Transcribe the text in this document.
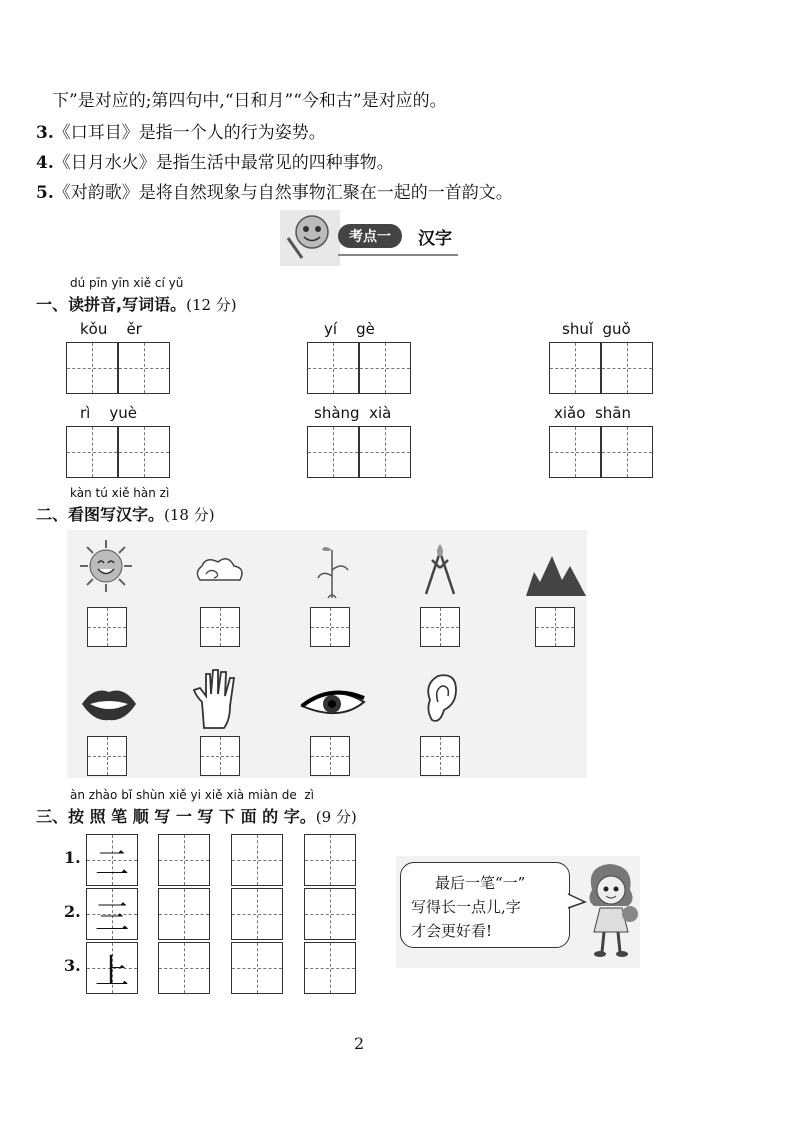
下”是对应的;第四句中,“日和月”“今和古”是对应的。
3.《口耳目》是指一个人的行为姿势。
4.《日月水火》是指生活中最常见的四种事物。
5.《对韵歌》是将自然现象与自然事物汇聚在一起的一首韵文。
考点一 汉字
dú pīn yīn xiě cí yǔ
一、读拼音,写词语。(12 分)
kǒu    ěr	yí    gè	shuǐ  guǒ
rì    yuè	shàng  xià	xiǎo  shān
kàn tú xiě hàn zì
二、看图写汉字。(18 分)
àn zhào bǐ shùn xiě yi xiě xià miàn de  zì
三、按 照 笔 顺 写 一 写 下 面 的 字。(9 分)
1. 二
2. 三
3. 上
最后一笔“一”
写得长一点儿,字
才会更好看!
2
